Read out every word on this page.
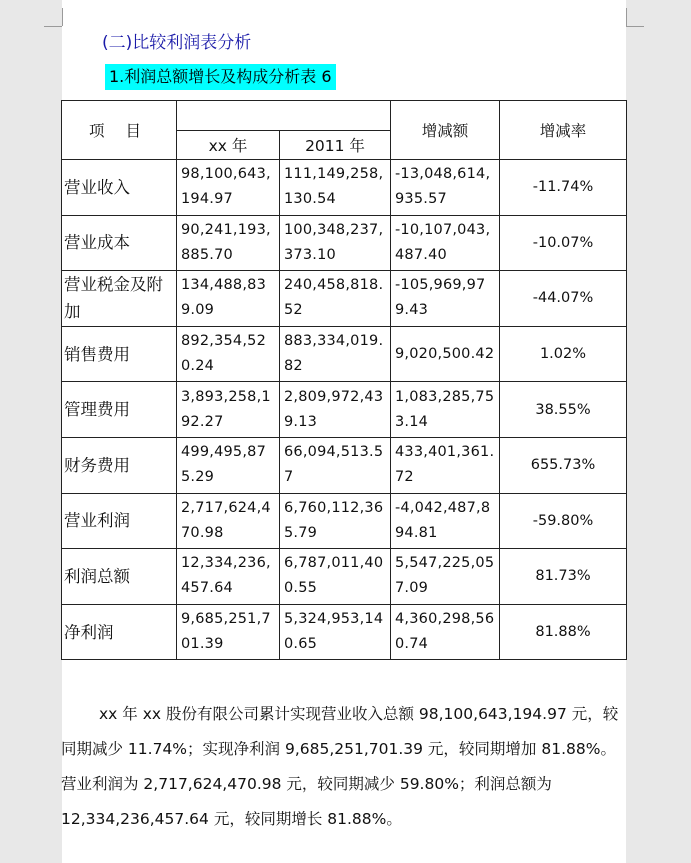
(二)比较利润表分析
1.利润总额增长及构成分析表 6
项 目			增减额	增减率
	xx 年	2011 年		
营业收入	98,100,643,194.97	111,149,258,130.54	-13,048,614,935.57	-11.74%
营业成本	90,241,193,885.70	100,348,237,373.10	-10,107,043,487.40	-10.07%
营业税金及附加	134,488,839.09	240,458,818.52	-105,969,979.43	-44.07%
销售费用	892,354,520.24	883,334,019.82	9,020,500.42	1.02%
管理费用	3,893,258,192.27	2,809,972,439.13	1,083,285,753.14	38.55%
财务费用	499,495,875.29	66,094,513.57	433,401,361.72	655.73%
营业利润	2,717,624,470.98	6,760,112,365.79	-4,042,487,894.81	-59.80%
利润总额	12,334,236,457.64	6,787,011,400.55	5,547,225,057.09	81.73%
净利润	9,685,251,701.39	5,324,953,140.65	4,360,298,560.74	81.88%

xx 年 xx 股份有限公司累计实现营业收入总额 98,100,643,194.97 元，较同期减少 11.74%；实现净利润 9,685,251,701.39 元，较同期增加 81.88%。营业利润为 2,717,624,470.98 元，较同期减少 59.80%；利润总额为 12,334,236,457.64 元，较同期增长 81.88%。
